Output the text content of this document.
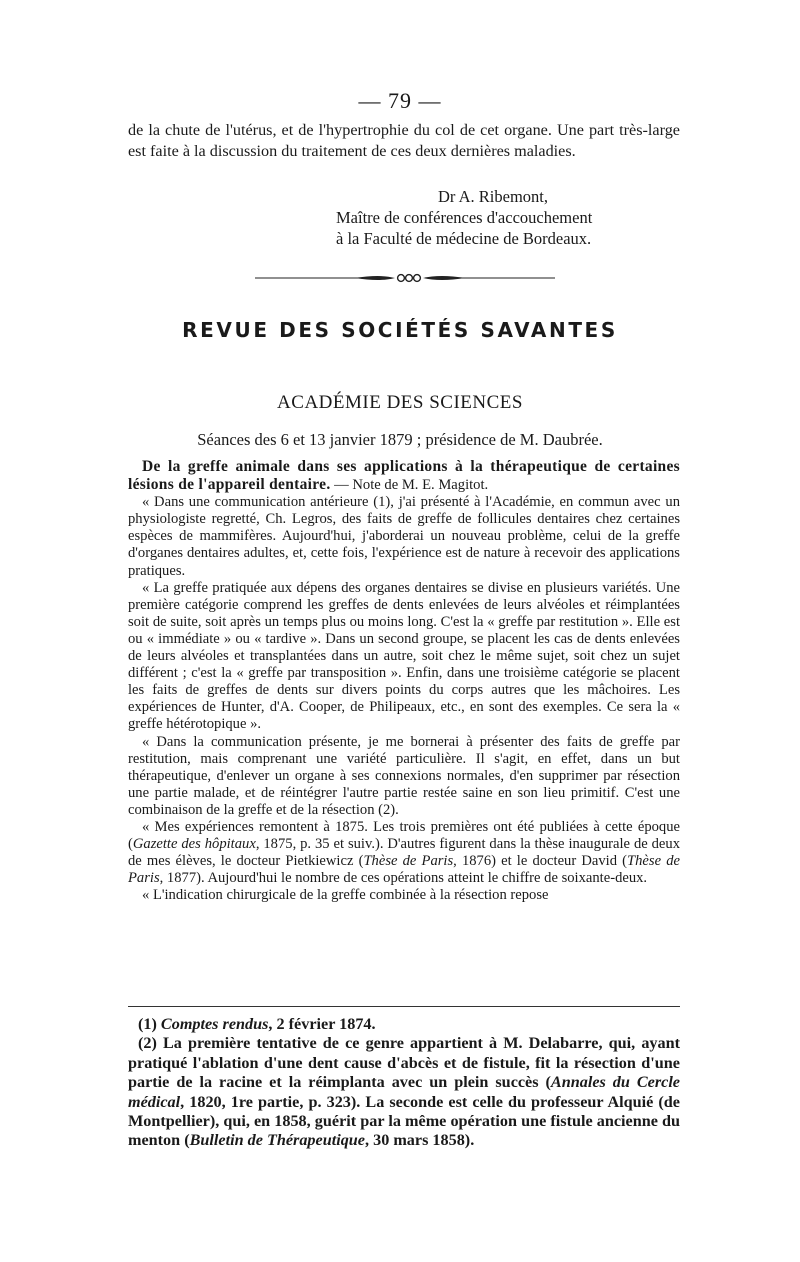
— 79 —

de la chute de l'utérus, et de l'hypertrophie du col de cet organe. Une part très-large est faite à la discussion du traitement de ces deux dernières maladies.

Dr A. Ribemont,
Maître de conférences d'accouchement
à la Faculté de médecine de Bordeaux.
REVUE DES SOCIÉTÉS SAVANTES
ACADÉMIE DES SCIENCES
Séances des 6 et 13 janvier 1879 ; présidence de M. Daubrée.

De la greffe animale dans ses applications à la thérapeutique de certaines lésions de l'appareil dentaire. — Note de M. E. Magitot.

« Dans une communication antérieure (1), j'ai présenté à l'Académie, en commun avec un physiologiste regretté, Ch. Legros, des faits de greffe de follicules dentaires chez certaines espèces de mammifères. Aujourd'hui, j'aborderai un nouveau problème, celui de la greffe d'organes dentaires adultes, et, cette fois, l'expérience est de nature à recevoir des applications pratiques.

« La greffe pratiquée aux dépens des organes dentaires se divise en plusieurs variétés. Une première catégorie comprend les greffes de dents enlevées de leurs alvéoles et réimplantées soit de suite, soit après un temps plus ou moins long. C'est la « greffe par restitution ». Elle est ou « immédiate » ou « tardive ». Dans un second groupe, se placent les cas de dents enlevées de leurs alvéoles et transplantées dans un autre, soit chez le même sujet, soit chez un sujet différent ; c'est la « greffe par transposition ». Enfin, dans une troisième catégorie se placent les faits de greffes de dents sur divers points du corps autres que les mâchoires. Les expériences de Hunter, d'A. Cooper, de Philipeaux, etc., en sont des exemples. Ce sera la « greffe hétérotopique ».

« Dans la communication présente, je me bornerai à présenter des faits de greffe par restitution, mais comprenant une variété particulière. Il s'agit, en effet, dans un but thérapeutique, d'enlever un organe à ses connexions normales, d'en supprimer par résection une partie malade, et de réintégrer l'autre partie restée saine en son lieu primitif. C'est une combinaison de la greffe et de la résection (2).

« Mes expériences remontent à 1875. Les trois premières ont été publiées à cette époque (Gazette des hôpitaux, 1875, p. 35 et suiv.). D'autres figurent dans la thèse inaugurale de deux de mes élèves, le docteur Pietkiewicz (Thèse de Paris, 1876) et le docteur David (Thèse de Paris, 1877). Aujourd'hui le nombre de ces opérations atteint le chiffre de soixante-deux.

« L'indication chirurgicale de la greffe combinée à la résection repose

(1) Comptes rendus, 2 février 1874.

(2) La première tentative de ce genre appartient à M. Delabarre, qui, ayant pratiqué l'ablation d'une dent cause d'abcès et de fistule, fit la résection d'une partie de la racine et la réimplanta avec un plein succès (Annales du Cercle médical, 1820, 1re partie, p. 323). La seconde est celle du professeur Alquié (de Montpellier), qui, en 1858, guérit par la même opération une fistule ancienne du menton (Bulletin de Thérapeutique, 30 mars 1858).
